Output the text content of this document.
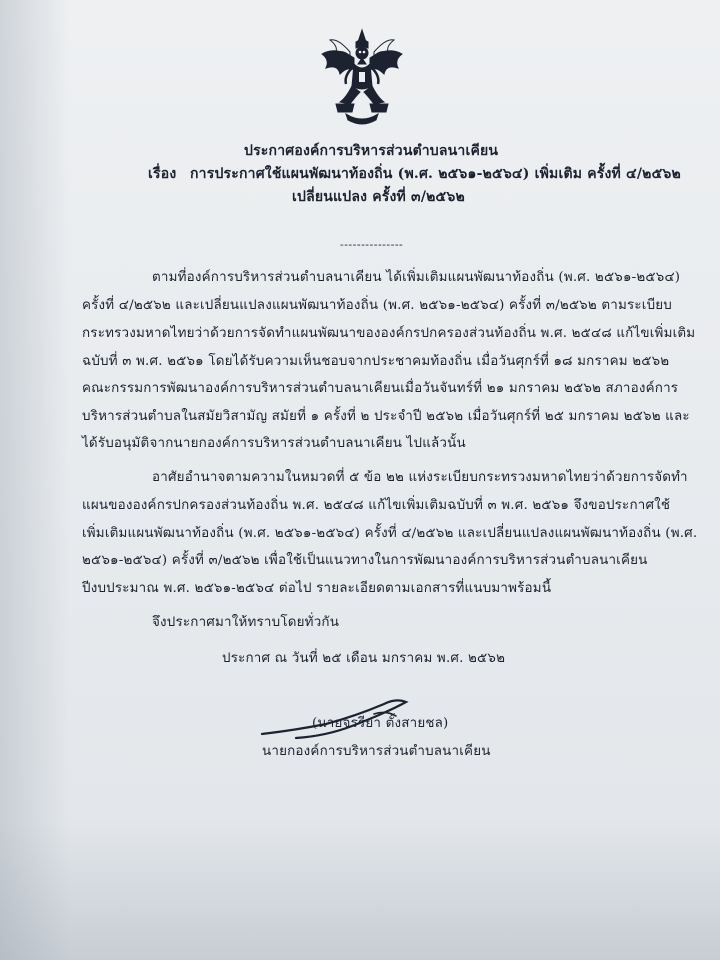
ประกาศองค์การบริหารส่วนตำบลนาเคียน
เรื่อง การประกาศใช้แผนพัฒนาท้องถิ่น (พ.ศ. ๒๕๖๑-๒๕๖๔) เพิ่มเติม ครั้งที่ ๔/๒๕๖๒
เปลี่ยนแปลง ครั้งที่ ๓/๒๕๖๒
---------------
ตามที่องค์การบริหารส่วนตำบลนาเคียน ได้เพิ่มเติมแผนพัฒนาท้องถิ่น (พ.ศ. ๒๕๖๑-๒๕๖๔)
ครั้งที่ ๔/๒๕๖๒ และเปลี่ยนแปลงแผนพัฒนาท้องถิ่น (พ.ศ. ๒๕๖๑-๒๕๖๔) ครั้งที่ ๓/๒๕๖๒ ตามระเบียบ
กระทรวงมหาดไทยว่าด้วยการจัดทำแผนพัฒนาขององค์กรปกครองส่วนท้องถิ่น พ.ศ. ๒๕๔๘ แก้ไขเพิ่มเติม
ฉบับที่ ๓ พ.ศ. ๒๕๖๑ โดยได้รับความเห็นชอบจากประชาคมท้องถิ่น เมื่อวันศุกร์ที่ ๑๘ มกราคม ๒๕๖๒
คณะกรรมการพัฒนาองค์การบริหารส่วนตำบลนาเคียนเมื่อวันจันทร์ที่ ๒๑ มกราคม ๒๕๖๒ สภาองค์การ
บริหารส่วนตำบลในสมัยวิสามัญ สมัยที่ ๑ ครั้งที่ ๒ ประจำปี ๒๕๖๒ เมื่อวันศุกร์ที่ ๒๕ มกราคม ๒๕๖๒ และ
ได้รับอนุมัติจากนายกองค์การบริหารส่วนตำบลนาเคียน ไปแล้วนั้น
อาศัยอำนาจตามความในหมวดที่ ๕ ข้อ ๒๒ แห่งระเบียบกระทรวงมหาดไทยว่าด้วยการจัดทำ
แผนขององค์กรปกครองส่วนท้องถิ่น พ.ศ. ๒๕๔๘ แก้ไขเพิ่มเติมฉบับที่ ๓ พ.ศ. ๒๕๖๑ จึงขอประกาศใช้
เพิ่มเติมแผนพัฒนาท้องถิ่น (พ.ศ. ๒๕๖๑-๒๕๖๔) ครั้งที่ ๔/๒๕๖๒ และเปลี่ยนแปลงแผนพัฒนาท้องถิ่น (พ.ศ.
๒๕๖๑-๒๕๖๔) ครั้งที่ ๓/๒๕๖๒ เพื่อใช้เป็นแนวทางในการพัฒนาองค์การบริหารส่วนตำบลนาเคียน
ปีงบประมาณ พ.ศ. ๒๕๖๑-๒๕๖๔ ต่อไป รายละเอียดตามเอกสารที่แนบมาพร้อมนี้
จึงประกาศมาให้ทราบโดยทั่วกัน
ประกาศ ณ วันที่ ๒๕ เดือน มกราคม พ.ศ. ๒๕๖๒
(นายจรรียา ตั้งสายชล)
นายกองค์การบริหารส่วนตำบลนาเคียน
